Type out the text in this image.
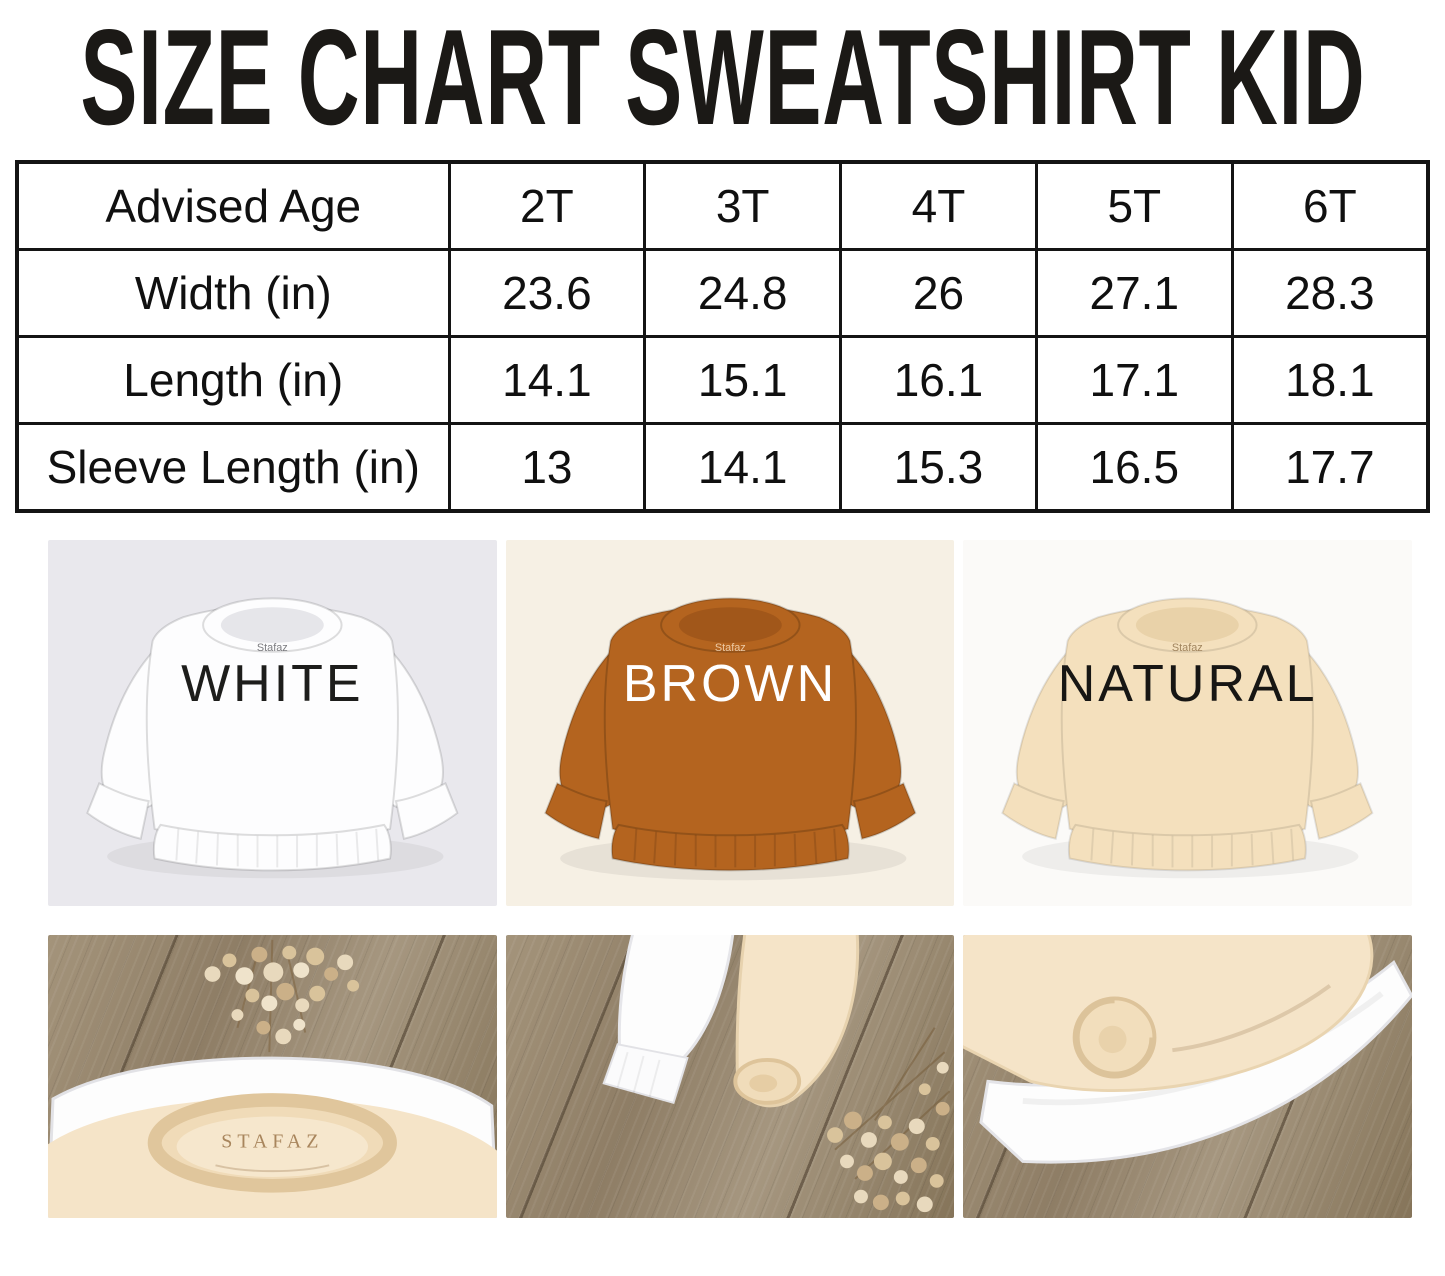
SIZE CHART SWEATSHIRT KID
Advised Age	2T	3T	4T	5T	6T
Width (in)	23.6	24.8	26	27.1	28.3
Length (in)	14.1	15.1	16.1	17.1	18.1
Sleeve Length (in)	13	14.1	15.3	16.5	17.7
Stafaz
WHITE
Stafaz
BROWN
Stafaz
NATURAL
STAFAZ
